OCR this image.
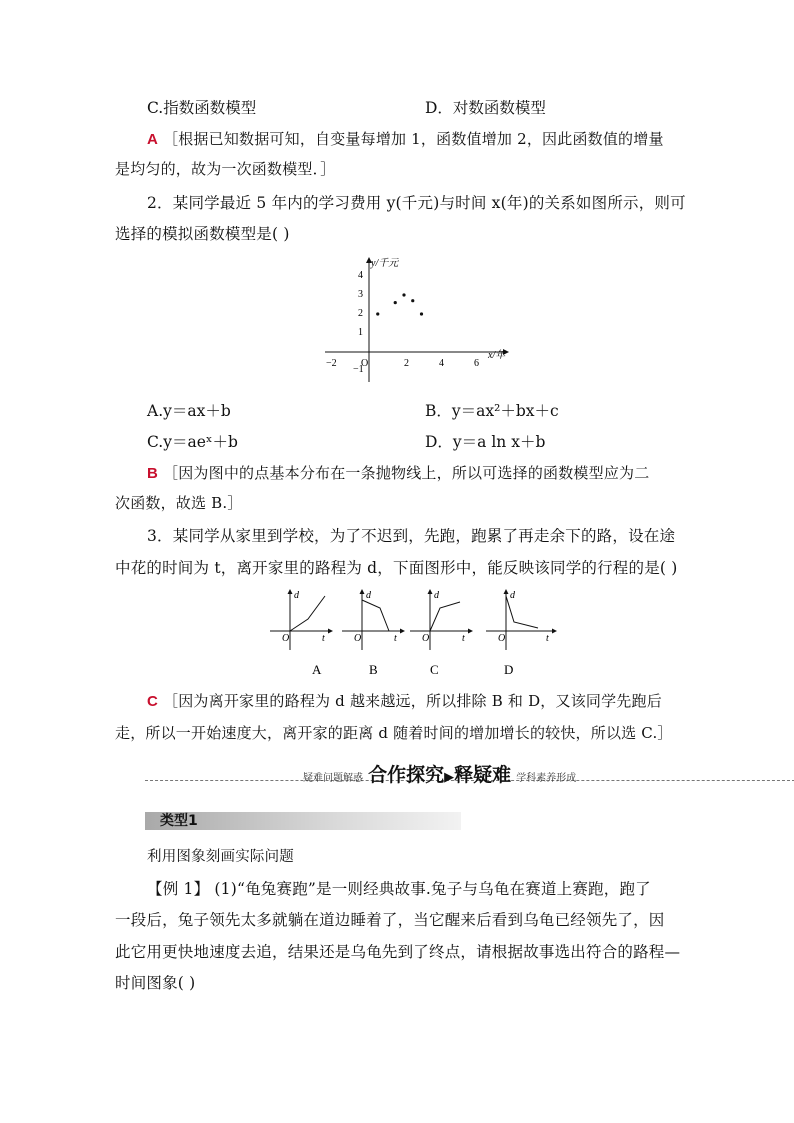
C.指数函数模型	D．对数函数模型
A ［根据已知数据可知，自变量每增加 1，函数值增加 2，因此函数值的增量
是均匀的，故为一次函数模型．］
2．某同学最近 5 年内的学习费用 y(千元)与时间 x(年)的关系如图所示，则可
选择的模拟函数模型是( )
y/千元
x/年
−2 O	2	4	6
4
3
2
1
−1
A.y＝ax＋b	B．y＝ax²＋bx＋c
C.y＝aeˣ＋b	D．y＝a ln x＋b
B ［因为图中的点基本分布在一条抛物线上，所以可选择的函数模型应为二
次函数，故选 B.］
3．某同学从家里到学校，为了不迟到，先跑，跑累了再走余下的路，设在途
中花的时间为 t，离开家里的路程为 d，下面图形中，能反映该同学的行程的是( )
d
O	t
d
O	t
d
O	t
d
O	t
A	B	C	D
C ［因为离开家里的路程为 d 越来越远，所以排除 B 和 D，又该同学先跑后
走，所以一开始速度大，离开家的距离 d 随着时间的增加增长的较快，所以选 C.］
疑难问题解惑 合作探究▶释疑难 学科素养形成
类型1
利用图象刻画实际问题
【例 1】 (1)“龟兔赛跑”是一则经典故事.兔子与乌龟在赛道上赛跑，跑了
一段后，兔子领先太多就躺在道边睡着了，当它醒来后看到乌龟已经领先了，因
此它用更快地速度去追，结果还是乌龟先到了终点，请根据故事选出符合的路程—
时间图象( )
